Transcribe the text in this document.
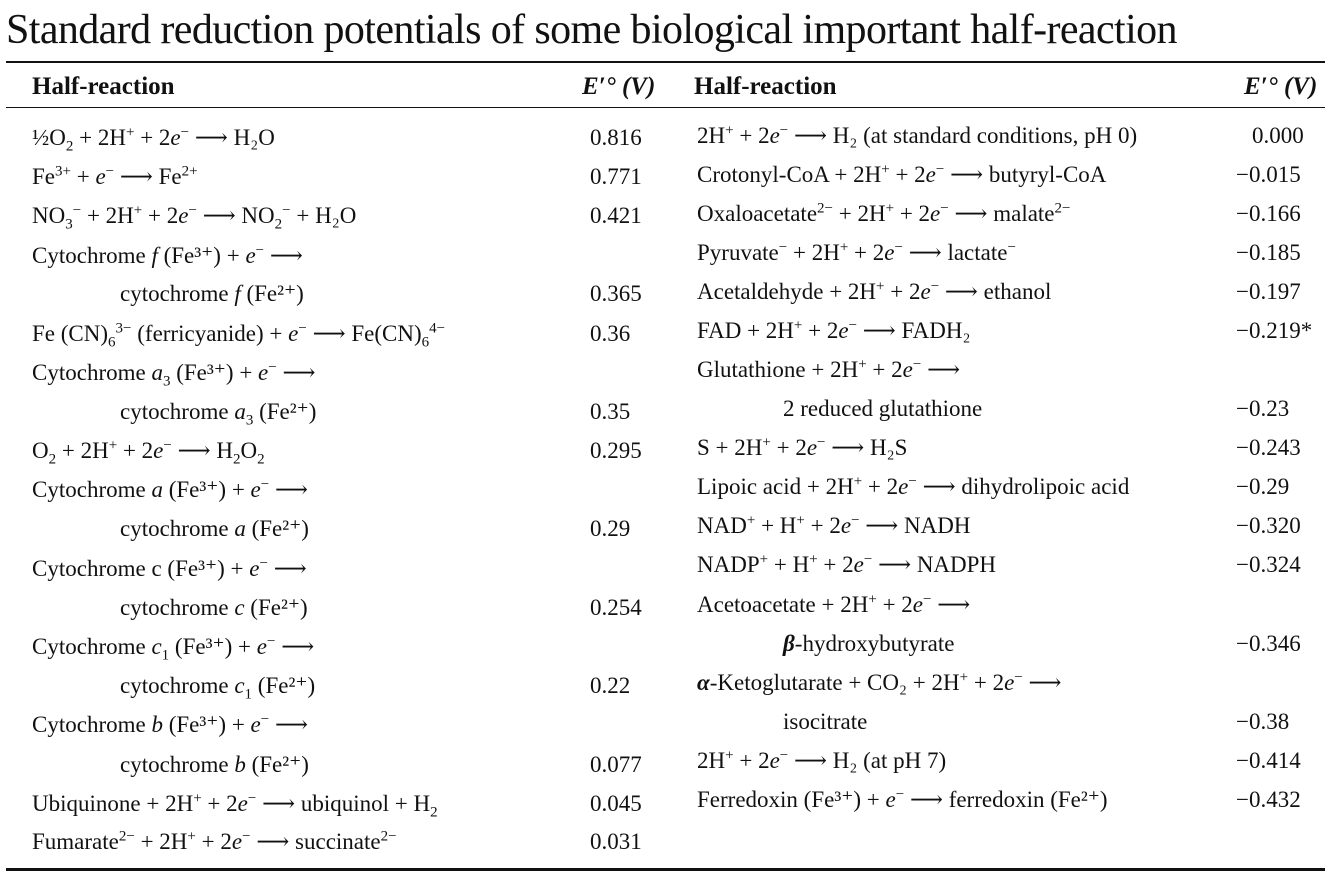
Standard reduction potentials of some biological important half-reaction
Half-reaction	E′° (V) Half-reaction	E′° (V)
$\frac{1}{2}O_2 + 2H^+ + 2e^-$ ⟶ H₂O	0.816
$Fe^{3+} + e^-$ ⟶ $Fe^{2+}$	0.771
$NO_3^- + 2H^+ + 2e^-$ ⟶ $NO_2^- + H_2O$	0.421
Cytochrome f (Fe³⁺) + e− ⟶
cytochrome f (Fe²⁺)	0.365
Fe $(CN)_6^{3-}$ (ferricyanide) + e− ⟶ $Fe(CN)_6^{4-}$	0.36
Cytochrome $a_3$ (Fe³⁺) + e− ⟶
cytochrome $a_3$ (Fe²⁺)	0.35
$O_2 + 2H^+ + 2e^-$ ⟶ $H_2O_2$	0.295
Cytochrome a (Fe³⁺) + e− ⟶
cytochrome a (Fe²⁺)	0.29
Cytochrome c (Fe³⁺) + e− ⟶
cytochrome c (Fe²⁺)	0.254
Cytochrome $c_1$ (Fe³⁺) + e− ⟶
cytochrome $c_1$ (Fe²⁺)	0.22
Cytochrome b (Fe³⁺) + e− ⟶
cytochrome b (Fe²⁺)	0.077
Ubiquinone + 2H+ + 2e− ⟶ ubiquinol + $H_2$	0.045
Fumarate$^{2-}$ + 2H+ + 2e− ⟶ succinate$^{2-}$	0.031
2H+ + 2e− ⟶ H₂ (at standard conditions, pH 0)	0.000
Crotonyl-CoA + 2H+ + 2e− ⟶ butyryl-CoA	−0.015
Oxaloacetate$^{2-}$ + 2H+ + 2e− ⟶ malate$^{2-}$	−0.166
Pyruvate− + 2H+ + 2e− ⟶ lactate−	−0.185
Acetaldehyde + 2H+ + 2e− ⟶ ethanol	−0.197
FAD + 2H+ + 2e− ⟶ FADH₂	−0.219*
Glutathione + 2H+ + 2e− ⟶
2 reduced glutathione	−0.23
S + 2H+ + 2e− ⟶ H₂S	−0.243
Lipoic acid + 2H+ + 2e− ⟶ dihydrolipoic acid	−0.29
NAD+ + H+ + 2e− ⟶ NADH	−0.320
NADP+ + H+ + 2e− ⟶ NADPH	−0.324
Acetoacetate + 2H+ + 2e− ⟶
β-hydroxybutyrate	−0.346
α-Ketoglutarate + CO₂ + 2H+ + 2e− ⟶
isocitrate	−0.38
2H+ + 2e− ⟶ H₂ (at pH 7)	−0.414
Ferredoxin (Fe³⁺) + e− ⟶ ferredoxin (Fe²⁺)	−0.432
